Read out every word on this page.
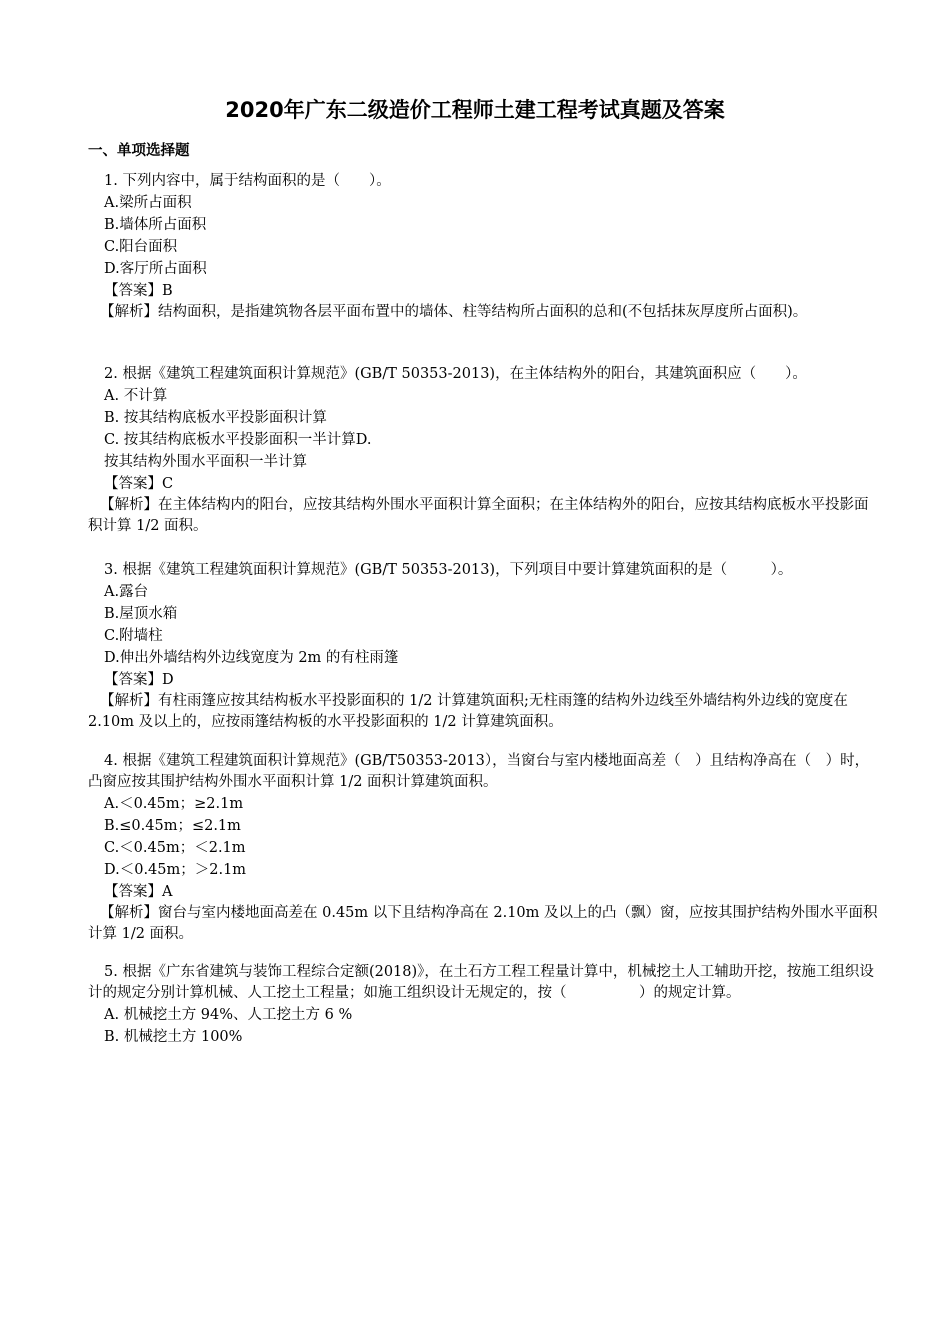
2020年广东二级造价工程师土建工程考试真题及答案
一、单项选择题
1. 下列内容中，属于结构面积的是（　　）。
A.梁所占面积
B.墙体所占面积
C.阳台面积
D.客厅所占面积
【答案】B
【解析】结构面积，是指建筑物各层平面布置中的墙体、柱等结构所占面积的总和(不包括抹灰厚度所占面积)。
2. 根据《建筑工程建筑面积计算规范》(GB/T 50353-2013)，在主体结构外的阳台，其建筑面积应（　　）。
A. 不计算
B. 按其结构底板水平投影面积计算
C. 按其结构底板水平投影面积一半计算D.
按其结构外围水平面积一半计算
【答案】C
【解析】在主体结构内的阳台，应按其结构外围水平面积计算全面积；在主体结构外的阳台，应按其结构底板水平投影面积计算 1/2 面积。
3. 根据《建筑工程建筑面积计算规范》(GB/T 50353-2013)，下列项目中要计算建筑面积的是（　　　）。
A.露台
B.屋顶水箱
C.附墙柱
D.伸出外墙结构外边线宽度为 2m 的有柱雨篷
【答案】D
【解析】有柱雨篷应按其结构板水平投影面积的 1/2 计算建筑面积;无柱雨篷的结构外边线至外墙结构外边线的宽度在 2.10m 及以上的，应按雨篷结构板的水平投影面积的 1/2 计算建筑面积。
4. 根据《建筑工程建筑面积计算规范》(GB/T50353-2013），当窗台与室内楼地面高差（　）且结构净高在（　）时，凸窗应按其围护结构外围水平面积计算 1/2 面积计算建筑面积。
A.＜0.45m；≥2.1m
B.≤0.45m；≤2.1m
C.＜0.45m；＜2.1m
D.＜0.45m；＞2.1m
【答案】A
【解析】窗台与室内楼地面高差在 0.45m 以下且结构净高在 2.10m 及以上的凸（飘）窗，应按其围护结构外围水平面积计算 1/2 面积。
5. 根据《广东省建筑与装饰工程综合定额(2018)》，在土石方工程工程量计算中，机械挖土人工辅助开挖，按施工组织设计的规定分别计算机械、人工挖土工程量；如施工组织设计无规定的，按（　　　　　）的规定计算。
A. 机械挖土方 94%、人工挖土方 6 %
B. 机械挖土方 100%
